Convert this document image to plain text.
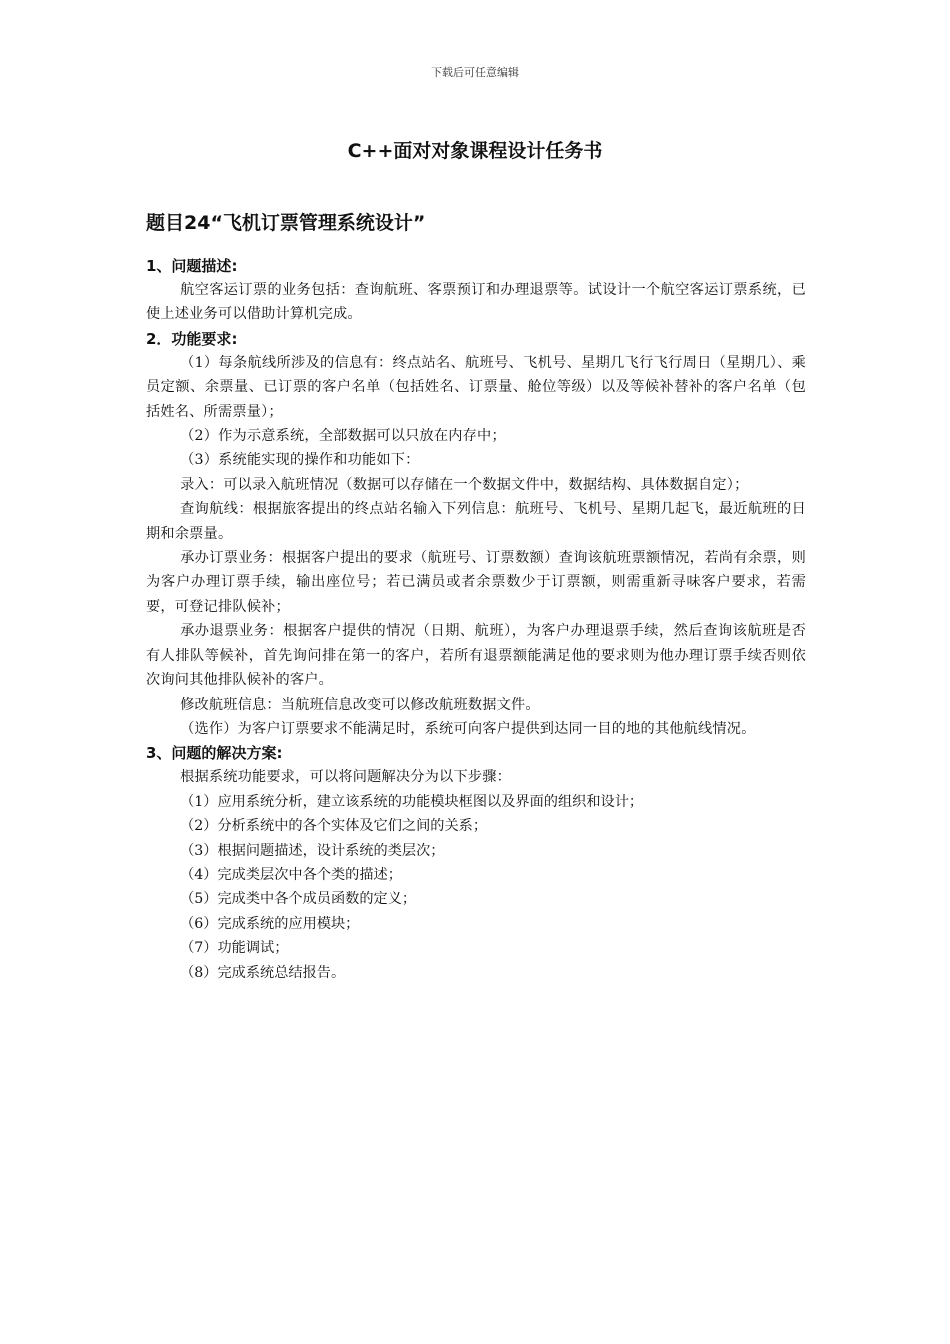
下载后可任意编辑
C++面对对象课程设计任务书
题目24“飞机订票管理系统设计”
1、问题描述:

航空客运订票的业务包括：查询航班、客票预订和办理退票等。试设计一个航空客运订票系统，已使上述业务可以借助计算机完成。

2．功能要求:

（1）每条航线所涉及的信息有：终点站名、航班号、飞机号、星期几飞行飞行周日（星期几）、乘员定额、余票量、已订票的客户名单（包括姓名、订票量、舱位等级）以及等候补替补的客户名单（包括姓名、所需票量）；

（2）作为示意系统，全部数据可以只放在内存中；

（3）系统能实现的操作和功能如下：

录入：可以录入航班情况（数据可以存储在一个数据文件中，数据结构、具体数据自定）；

查询航线：根据旅客提出的终点站名输入下列信息：航班号、飞机号、星期几起飞，最近航班的日期和余票量。

承办订票业务：根据客户提出的要求（航班号、订票数额）查询该航班票额情况，若尚有余票，则为客户办理订票手续，输出座位号；若已满员或者余票数少于订票额，则需重新寻味客户要求，若需要，可登记排队候补；

承办退票业务：根据客户提供的情况（日期、航班），为客户办理退票手续，然后查询该航班是否有人排队等候补，首先询问排在第一的客户，若所有退票额能满足他的要求则为他办理订票手续否则依次询问其他排队候补的客户。

修改航班信息：当航班信息改变可以修改航班数据文件。

（选作）为客户订票要求不能满足时，系统可向客户提供到达同一目的地的其他航线情况。

3、问题的解决方案:

根据系统功能要求，可以将问题解决分为以下步骤：

（1）应用系统分析，建立该系统的功能模块框图以及界面的组织和设计；

（2）分析系统中的各个实体及它们之间的关系；

（3）根据问题描述，设计系统的类层次；

（4）完成类层次中各个类的描述；

（5）完成类中各个成员函数的定义；

（6）完成系统的应用模块；

（7）功能调试；

（8）完成系统总结报告。
